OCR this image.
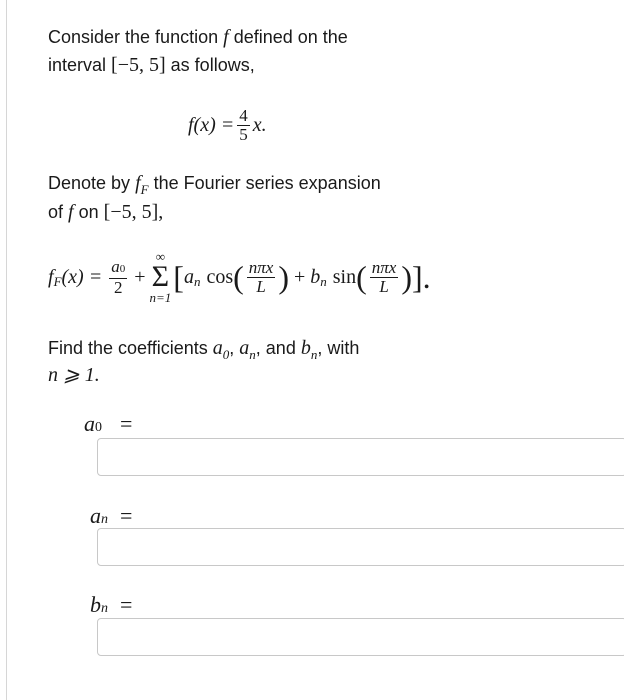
Consider the function f defined on the
interval [−5, 5] as follows,
$f(x) = \frac{4}{5} x$.
Denote by $f_F$ the Fourier series expansion
of f on [−5, 5],
f F $(x) = \frac{a0}{2}$ +
∞
Σ
n=1
[ a n cos ( $\frac{\text{nπx}}{L}$ ) + b n sin ( $\frac{\text{nπx}}{L}$ ) ].
Find the coefficients $a_0$, $a_n$, and $b_n$, with
n ⩾ 1.
a0 =
an =
bn =
